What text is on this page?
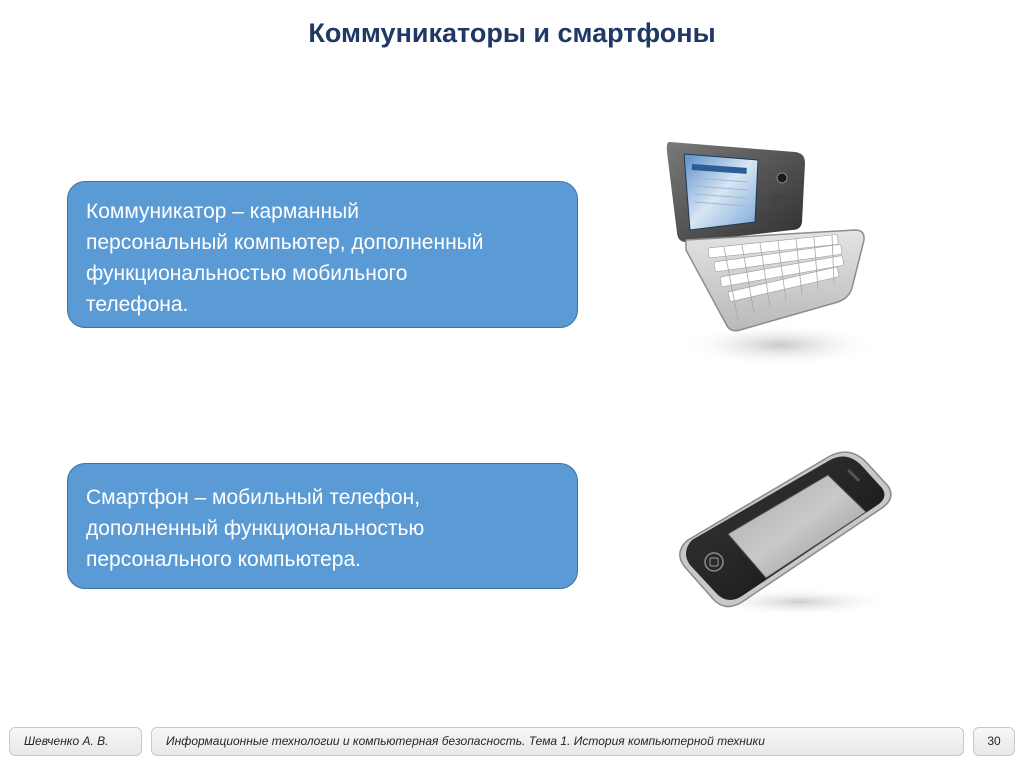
Коммуникаторы и смартфоны

Коммуникатор – карманный

персональный компьютер, дополненный

функциональностью мобильного

телефона.

Смартфон – мобильный телефон,

дополненный функциональностью

персонального компьютера.

Шевченко А. В.	Информационные технологии и компьютерная безопасность. Тема 1. История компьютерной техники	30
